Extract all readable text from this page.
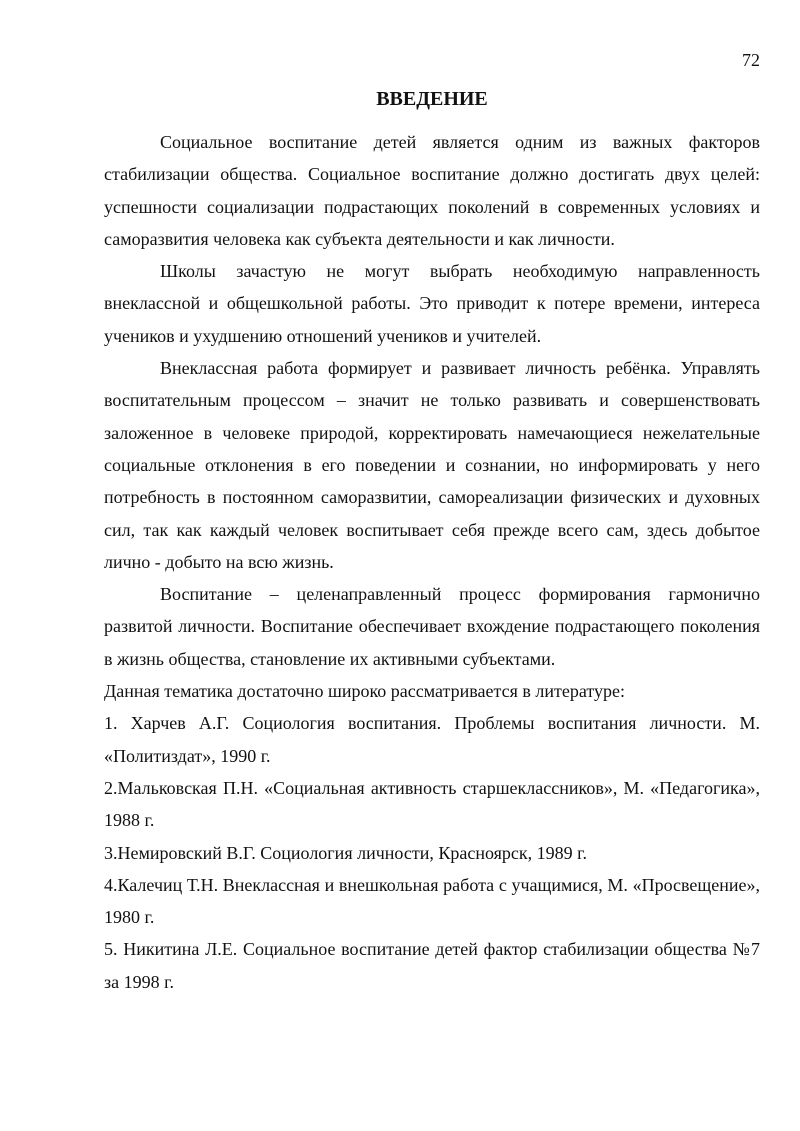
72
ВВЕДЕНИЕ

Социальное воспитание детей является одним из важных факторов стабилизации общества. Социальное воспитание должно достигать двух целей: успешности социализации подрастающих поколений в современных условиях и саморазвития человека как субъекта деятельности и как личности.

Школы зачастую не могут выбрать необходимую направленность внеклассной и общешкольной работы. Это приводит к потере времени, интереса учеников и ухудшению отношений учеников и учителей.

Внеклассная работа формирует и развивает личность ребёнка. Управлять воспитательным процессом – значит не только развивать и совершенствовать заложенное в человеке природой, корректировать намечающиеся нежелательные социальные отклонения в его поведении и сознании, но информировать у него потребность в постоянном саморазвитии, самореализации физических и духовных сил, так как каждый человек воспитывает себя прежде всего сам, здесь добытое лично - добыто на всю жизнь.

Воспитание – целенаправленный процесс формирования гармонично развитой личности. Воспитание обеспечивает вхождение подрастающего поколения в жизнь общества, становление их активными субъектами.

Данная тематика достаточно широко рассматривается в литературе:

1. Харчев А.Г. Социология воспитания. Проблемы воспитания личности. М. «Политиздат», 1990 г.

2.Мальковская П.Н. «Социальная активность старшеклассников», М. «Педагогика», 1988 г.

3.Немировский В.Г. Социология личности, Красноярск, 1989 г.

4.Калечиц Т.Н. Внеклассная и внешкольная работа с учащимися, М. «Просвещение», 1980 г.

5. Никитина Л.Е. Социальное воспитание детей фактор стабилизации общества №7 за 1998 г.
